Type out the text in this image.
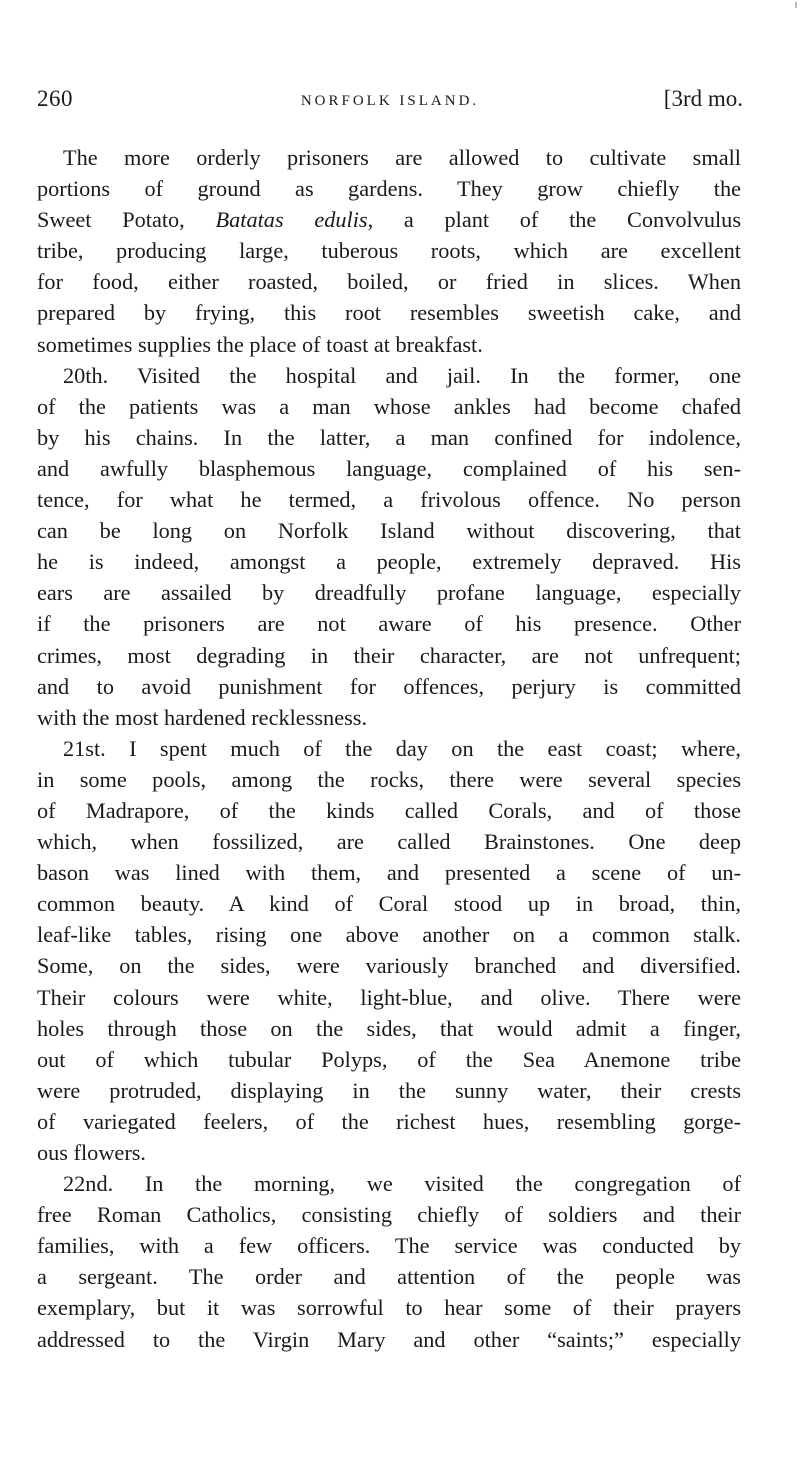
260	NORFOLK ISLAND.	[3rd mo.
The more orderly prisoners are allowed to cultivate small
portions of ground as gardens. They grow chiefly the
Sweet Potato, Batatas edulis, a plant of the Convolvulus
tribe, producing large, tuberous roots, which are excellent
for food, either roasted, boiled, or fried in slices. When
prepared by frying, this root resembles sweetish cake, and
sometimes supplies the place of toast at breakfast.
20th. Visited the hospital and jail. In the former, one
of the patients was a man whose ankles had become chafed
by his chains. In the latter, a man confined for indolence,
and awfully blasphemous language, complained of his sen-
tence, for what he termed, a frivolous offence. No person
can be long on Norfolk Island without discovering, that
he is indeed, amongst a people, extremely depraved. His
ears are assailed by dreadfully profane language, especially
if the prisoners are not aware of his presence. Other
crimes, most degrading in their character, are not unfrequent;
and to avoid punishment for offences, perjury is committed
with the most hardened recklessness.
21st. I spent much of the day on the east coast; where,
in some pools, among the rocks, there were several species
of Madrapore, of the kinds called Corals, and of those
which, when fossilized, are called Brainstones. One deep
bason was lined with them, and presented a scene of un-
common beauty. A kind of Coral stood up in broad, thin,
leaf-like tables, rising one above another on a common stalk.
Some, on the sides, were variously branched and diversified.
Their colours were white, light-blue, and olive. There were
holes through those on the sides, that would admit a finger,
out of which tubular Polyps, of the Sea Anemone tribe
were protruded, displaying in the sunny water, their crests
of variegated feelers, of the richest hues, resembling gorge-
ous flowers.
22nd. In the morning, we visited the congregation of
free Roman Catholics, consisting chiefly of soldiers and their
families, with a few officers. The service was conducted by
a sergeant. The order and attention of the people was
exemplary, but it was sorrowful to hear some of their prayers
addressed to the Virgin Mary and other “saints;” especially
